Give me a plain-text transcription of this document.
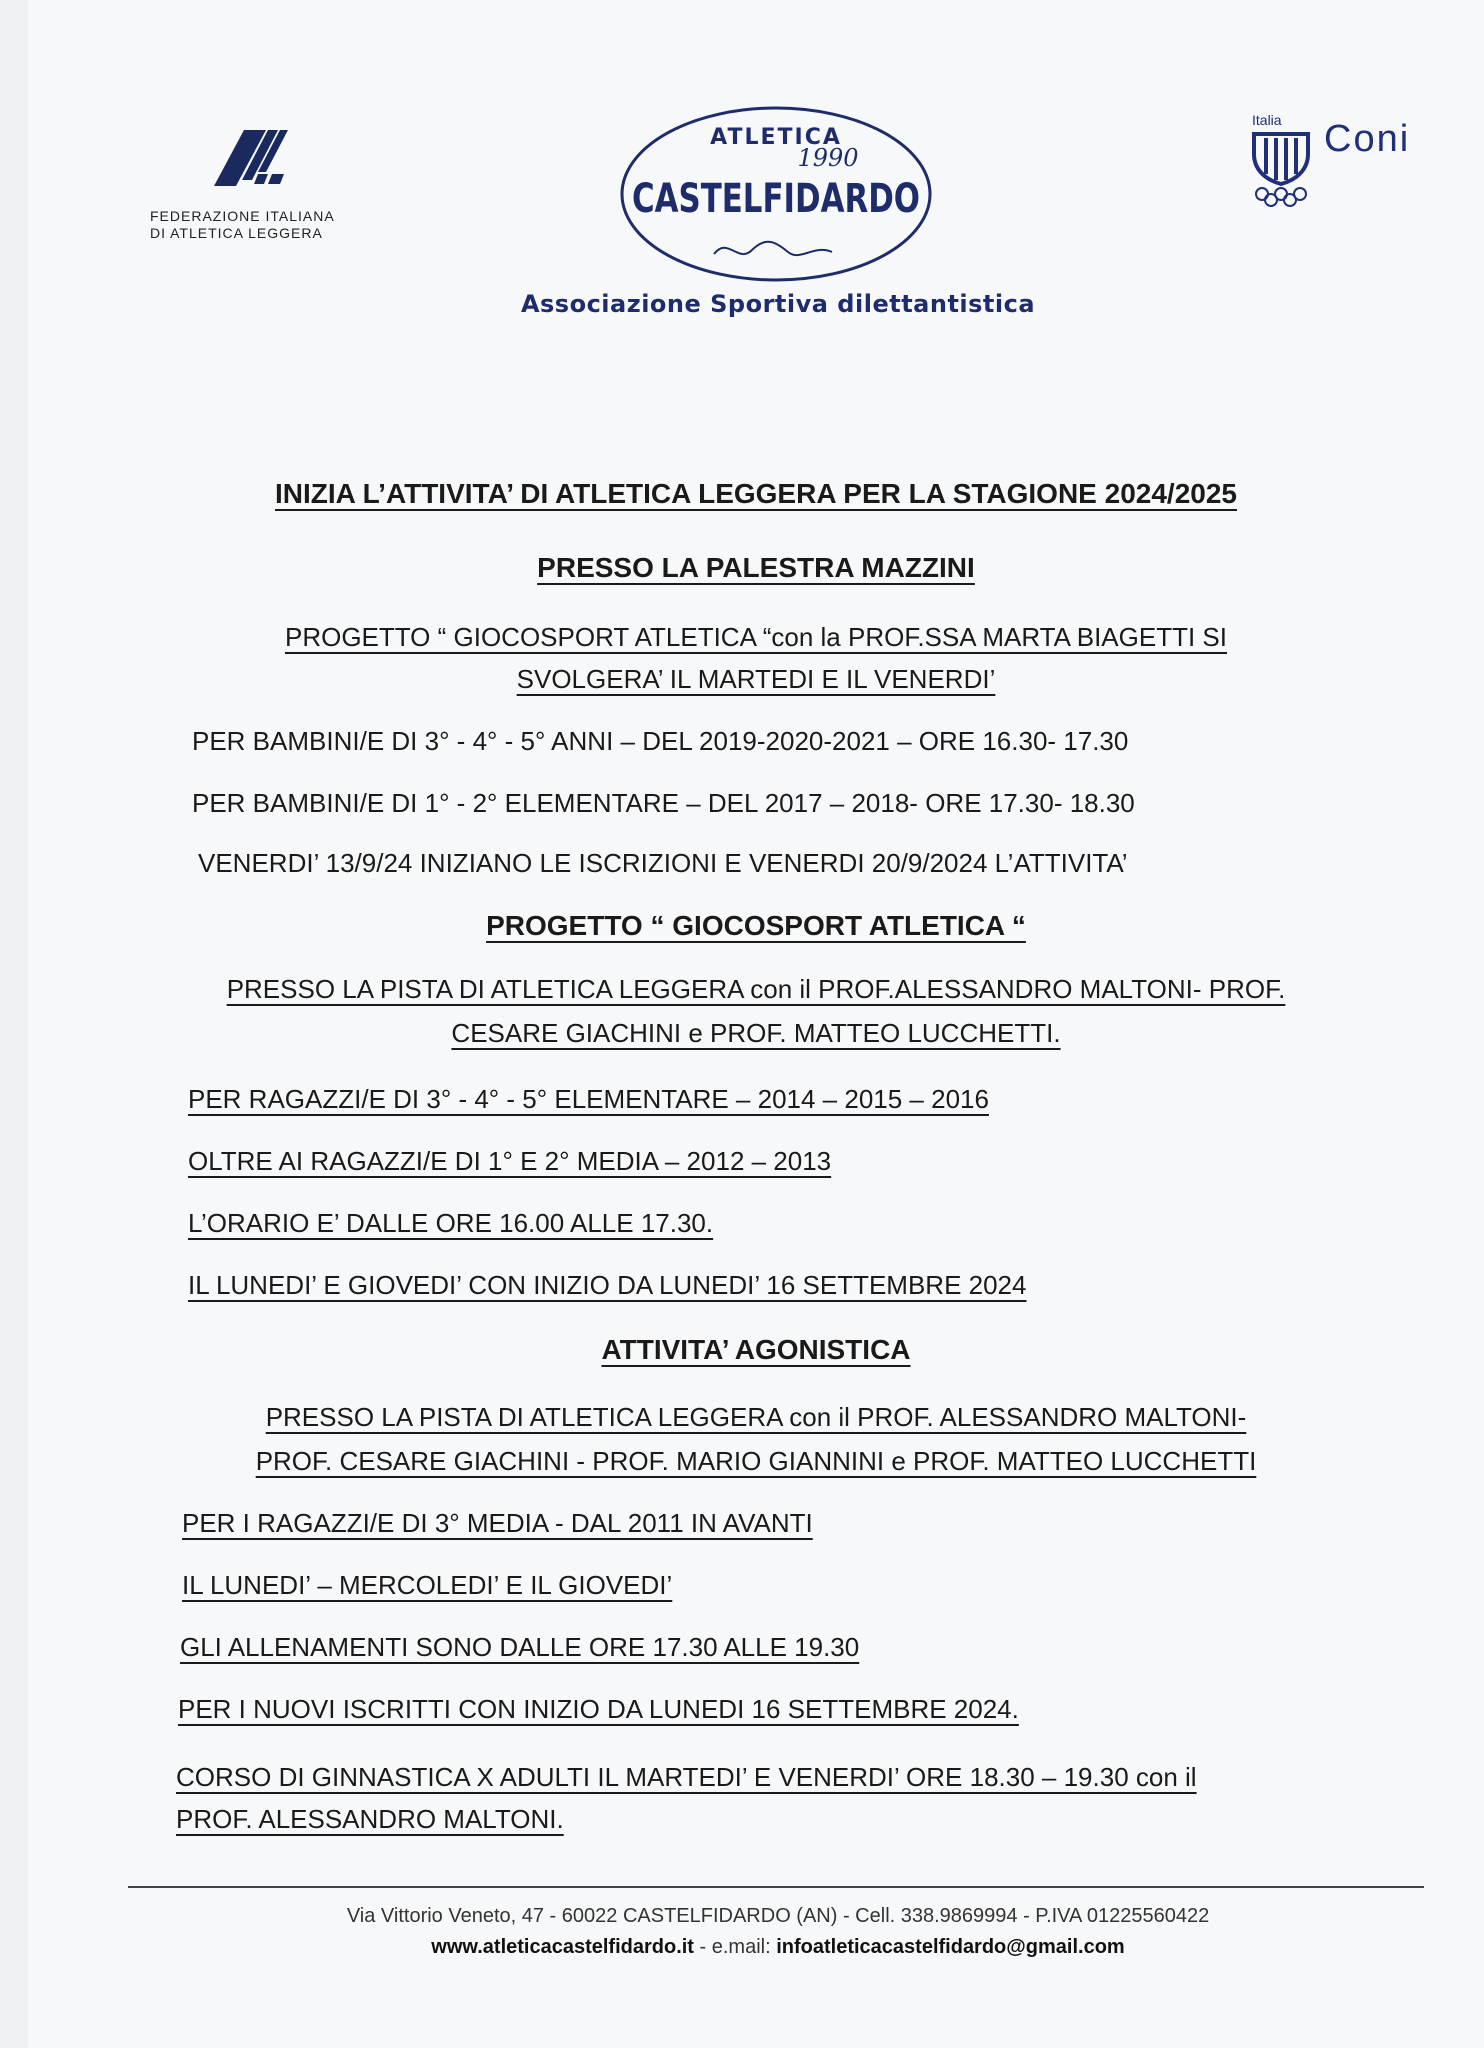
FEDERAZIONE ITALIANA
DI ATLETICA LEGGERA
ATLETICA
1990
CASTELFIDARDO
Associazione Sportiva dilettantistica
Italia Coni
INIZIA L’ATTIVITA’ DI ATLETICA LEGGERA PER LA STAGIONE 2024/2025
PRESSO LA PALESTRA MAZZINI
PROGETTO “ GIOCOSPORT ATLETICA “con la PROF.SSA MARTA BIAGETTI SI
SVOLGERA’ IL MARTEDI E IL VENERDI’
PER BAMBINI/E DI 3° - 4° - 5° ANNI – DEL 2019-2020-2021 – ORE 16.30- 17.30
PER BAMBINI/E DI 1° - 2° ELEMENTARE – DEL 2017 – 2018- ORE 17.30- 18.30
VENERDI’ 13/9/24 INIZIANO LE ISCRIZIONI E VENERDI 20/9/2024 L’ATTIVITA’
PROGETTO “ GIOCOSPORT ATLETICA “
PRESSO LA PISTA DI ATLETICA LEGGERA con il PROF.ALESSANDRO MALTONI- PROF.
CESARE GIACHINI e PROF. MATTEO LUCCHETTI.
PER RAGAZZI/E DI 3° - 4° - 5° ELEMENTARE – 2014 – 2015 – 2016
OLTRE AI RAGAZZI/E DI 1° E 2° MEDIA – 2012 – 2013
L’ORARIO E’ DALLE ORE 16.00 ALLE 17.30.
IL LUNEDI’ E GIOVEDI’ CON INIZIO DA LUNEDI’ 16 SETTEMBRE 2024
ATTIVITA’ AGONISTICA
PRESSO LA PISTA DI ATLETICA LEGGERA con il PROF. ALESSANDRO MALTONI-
PROF. CESARE GIACHINI - PROF. MARIO GIANNINI e PROF. MATTEO LUCCHETTI
PER I RAGAZZI/E DI 3° MEDIA - DAL 2011 IN AVANTI
IL LUNEDI’ – MERCOLEDI’ E IL GIOVEDI’
GLI ALLENAMENTI SONO DALLE ORE 17.30 ALLE 19.30
PER I NUOVI ISCRITTI CON INIZIO DA LUNEDI 16 SETTEMBRE 2024.
CORSO DI GINNASTICA X ADULTI IL MARTEDI’ E VENERDI’ ORE 18.30 – 19.30 con il
PROF. ALESSANDRO MALTONI.
Via Vittorio Veneto, 47 - 60022 CASTELFIDARDO (AN) - Cell. 338.9869994 - P.IVA 01225560422
www.atleticacastelfidardo.it - e.mail: infoatleticacastelfidardo@gmail.com
